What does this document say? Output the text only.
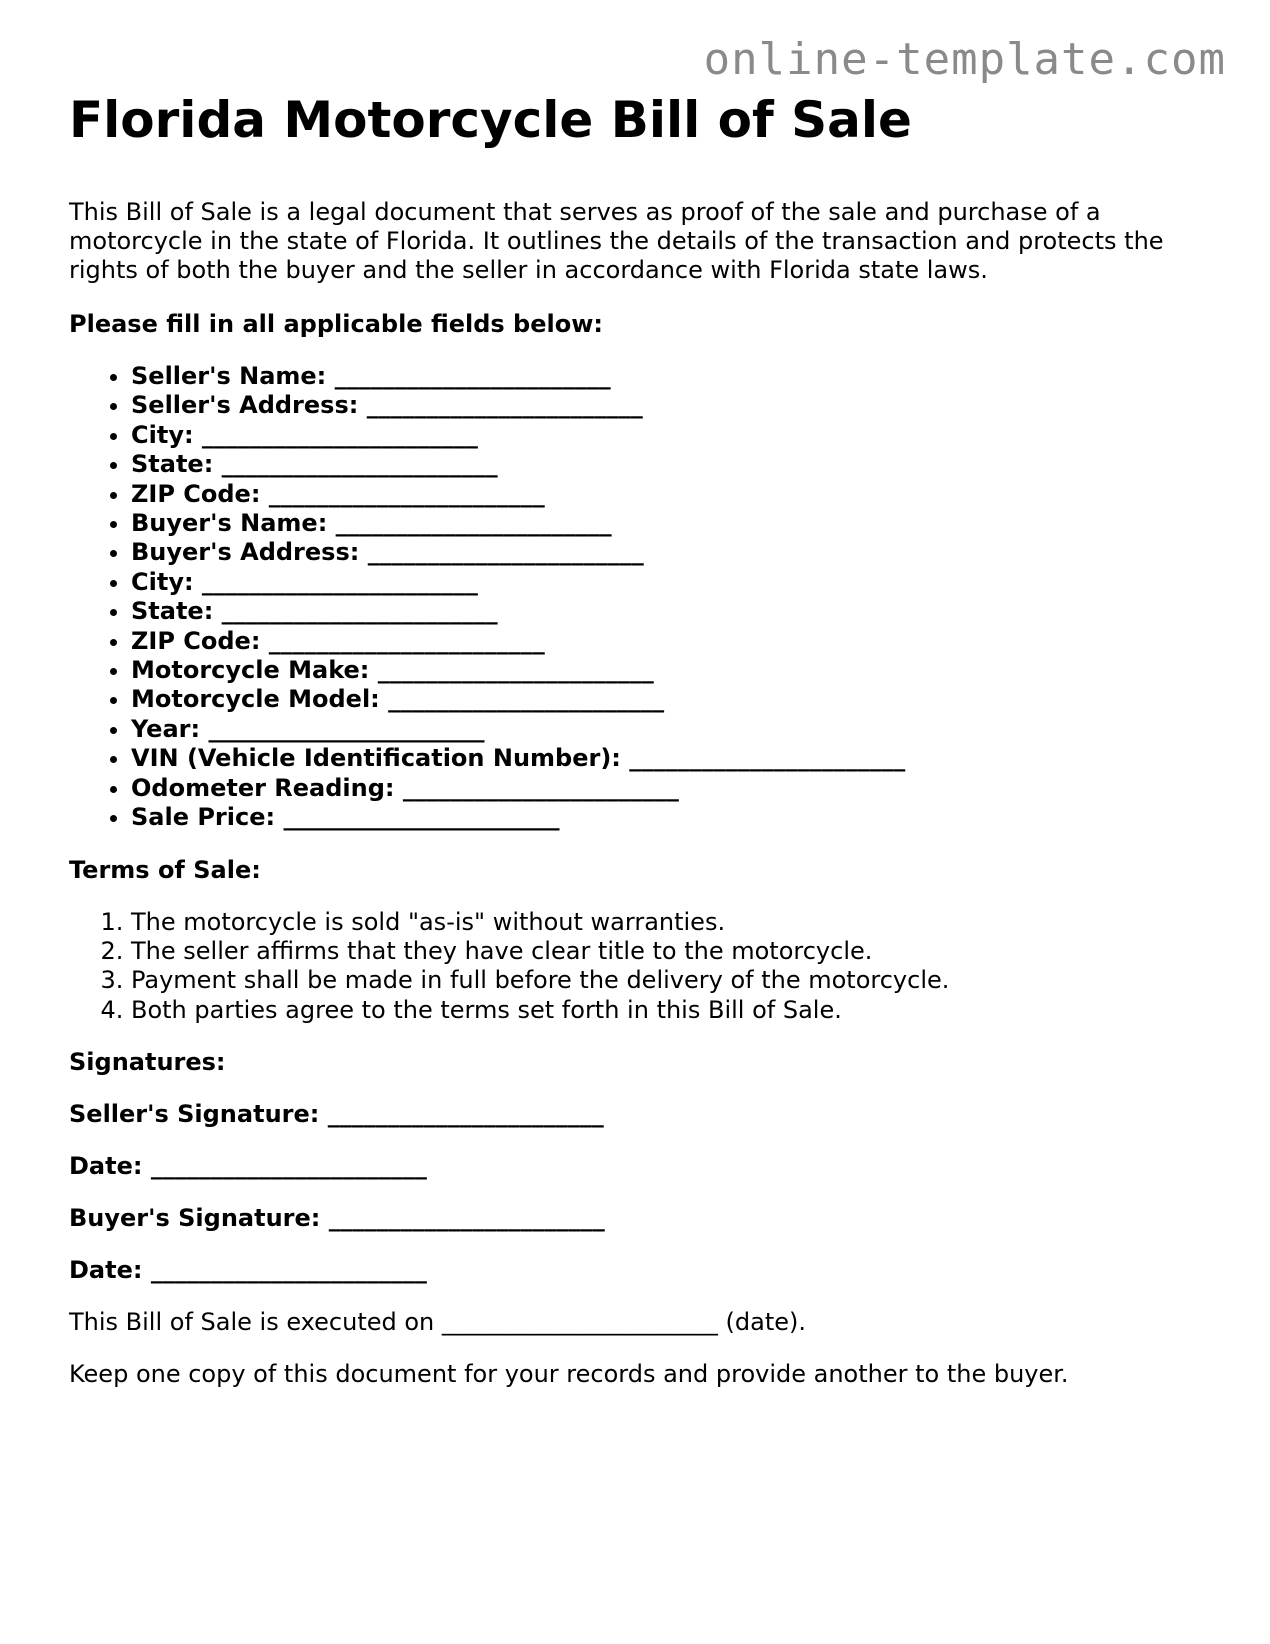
online-template.com
Florida Motorcycle Bill of Sale

This Bill of Sale is a legal document that serves as proof of the sale and purchase of a motorcycle in the state of Florida. It outlines the details of the transaction and protects the rights of both the buyer and the seller in accordance with Florida state laws.

Please fill in all applicable fields below:

• Seller's Name: _______________________
• Seller's Address: _______________________
• City: _______________________
• State: _______________________
• ZIP Code: _______________________
• Buyer's Name: _______________________
• Buyer's Address: _______________________
• City: _______________________
• State: _______________________
• ZIP Code: _______________________
• Motorcycle Make: _______________________
• Motorcycle Model: _______________________
• Year: _______________________
• VIN (Vehicle Identification Number): _______________________
• Odometer Reading: _______________________
• Sale Price: _______________________

Terms of Sale:

1. The motorcycle is sold "as-is" without warranties.
2. The seller affirms that they have clear title to the motorcycle.
3. Payment shall be made in full before the delivery of the motorcycle.
4. Both parties agree to the terms set forth in this Bill of Sale.

Signatures:

Seller's Signature: _______________________

Date: _______________________

Buyer's Signature: _______________________

Date: _______________________

This Bill of Sale is executed on _______________________ (date).

Keep one copy of this document for your records and provide another to the buyer.
